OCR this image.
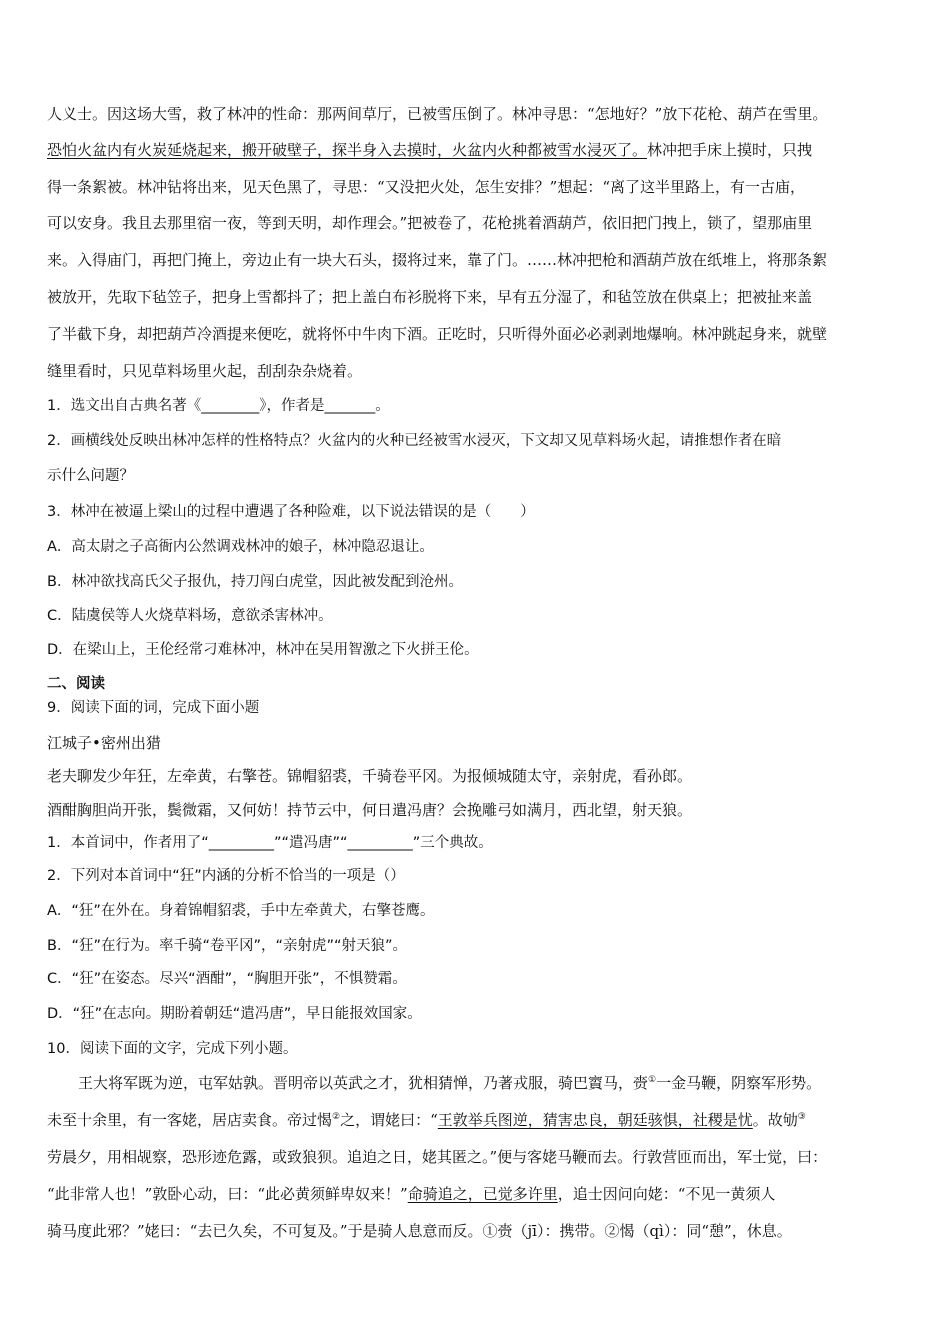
人义士。因这场大雪，救了林冲的性命：那两间草厅，已被雪压倒了。林冲寻思：“怎地好？”放下花枪、葫芦在雪里。
恐怕火盆内有火炭延烧起来，搬开破壁子，探半身入去摸时，火盆内火种都被雪水浸灭了。林冲把手床上摸时，只拽
得一条絮被。林冲钻将出来，见天色黑了，寻思：“又没把火处，怎生安排？”想起：“离了这半里路上，有一古庙，
可以安身。我且去那里宿一夜，等到天明，却作理会。”把被卷了，花枪挑着酒葫芦，依旧把门拽上，锁了，望那庙里
来。入得庙门，再把门掩上，旁边止有一块大石头，掇将过来，靠了门。……林冲把枪和酒葫芦放在纸堆上，将那条絮
被放开，先取下毡笠子，把身上雪都抖了；把上盖白布衫脱将下来，早有五分湿了，和毡笠放在供桌上；把被扯来盖
了半截下身，却把葫芦冷酒提来便吃，就将怀中牛肉下酒。正吃时，只听得外面必必剥剥地爆响。林冲跳起身来，就壁
缝里看时，只见草料场里火起，刮刮杂杂烧着。
1．选文出自古典名著《________》，作者是_______。
2．画横线处反映出林冲怎样的性格特点？火盆内的火种已经被雪水浸灭，下文却又见草料场火起，请推想作者在暗
示什么问题？
3．林冲在被逼上梁山的过程中遭遇了各种险难，以下说法错误的是（　　）
A．高太尉之子高衙内公然调戏林冲的娘子，林冲隐忍退让。
B．林冲欲找高氏父子报仇，持刀闯白虎堂，因此被发配到沧州。
C．陆虞侯等人火烧草料场，意欲杀害林冲。
D．在梁山上，王伦经常刁难林冲，林冲在吴用智激之下火拼王伦。
二、阅读
9．阅读下面的词，完成下面小题
江城子•密州出猎
老夫聊发少年狂，左牵黄，右擎苍。锦帽貂裘，千骑卷平冈。为报倾城随太守，亲射虎，看孙郎。
酒酣胸胆尚开张，鬓微霜，又何妨！持节云中，何日遣冯唐？会挽雕弓如满月，西北望，射天狼。
1．本首词中，作者用了“_________”“遣冯唐”“_________”三个典故。
2．下列对本首词中“狂”内涵的分析不恰当的一项是（）
A．“狂”在外在。身着锦帽貂裘，手中左牵黄犬，右擎苍鹰。
B．“狂”在行为。率千骑“卷平冈”，“亲射虎”“射天狼”。
C．“狂”在姿态。尽兴“酒酣”，“胸胆开张”，不惧赞霜。
D．“狂”在志向。期盼着朝廷“遣冯唐”，早日能报效国家。
10．阅读下面的文字，完成下列小题。
王大将军既为逆，屯军姑孰。晋明帝以英武之才，犹相猜惮，乃著戎服，骑巴賨马，赍①一金马鞭，阴察军形势。
未至十余里，有一客姥，居店卖食。帝过愒②之，谓姥曰：“王敦举兵图逆，猜害忠良，朝廷骇惧，社稷是忧。故劬③
劳晨夕，用相觇察，恐形迹危露，或致狼狈。追迫之日，姥其匿之。”便与客姥马鞭而去。行敦营匝而出，军士觉，曰：
“此非常人也！”敦卧心动，曰：“此必黄须鲜卑奴来！”命骑追之，已觉多许里，追士因问向姥：“不见一黄须人
骑马度此邪？”姥曰：“去已久矣，不可复及。”于是骑人息意而反。①赍（jī）：携带。②愒（qì）：同“憩”，休息。
